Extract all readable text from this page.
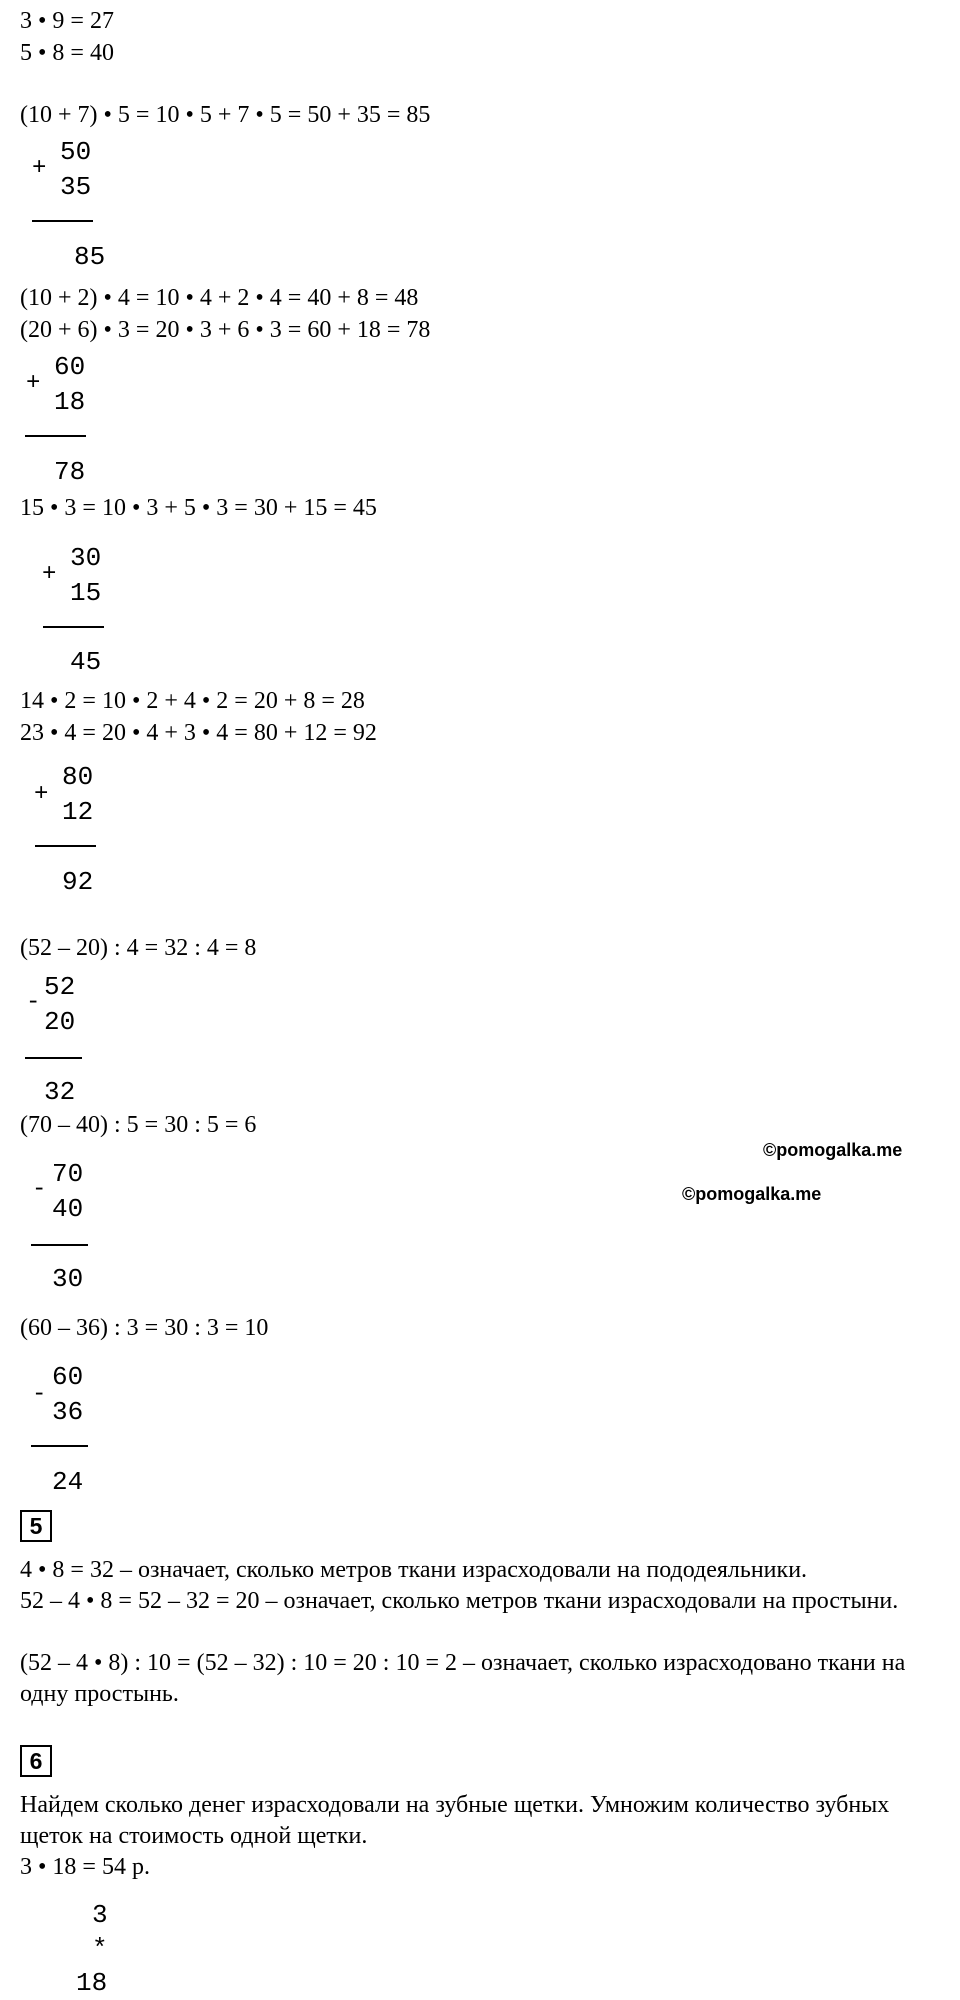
3 • 9 = 27
5 • 8 = 40
(10 + 7) • 5 = 10 • 5 + 7 • 5 = 50 + 35 = 85
+
50
35
85
(10 + 2) • 4 = 10 • 4 + 2 • 4 = 40 + 8 = 48
(20 + 6) • 3 = 20 • 3 + 6 • 3 = 60 + 18 = 78
+
60
18
78
15 • 3 = 10 • 3 + 5 • 3 = 30 + 15 = 45
+
30
15
45
14 • 2 = 10 • 2 + 4 • 2 = 20 + 8 = 28
23 • 4 = 20 • 4 + 3 • 4 = 80 + 12 = 92
+
80
12
92
(52 – 20) : 4 = 32 : 4 = 8
-
52
20
32
(70 – 40) : 5 = 30 : 5 = 6
©pomogalka.me
©pomogalka.me
-
70
40
30
(60 – 36) : 3 = 30 : 3 = 10
-
60
36
24
5
4 • 8 = 32 – означает, сколько метров ткани израсходовали на пододеяльники.
52 – 4 • 8 = 52 – 32 = 20 – означает, сколько метров ткани израсходовали на простыни.
(52 – 4 • 8) : 10 = (52 – 32) : 10 = 20 : 10 = 2 – означает, сколько израсходовано ткани на одну простынь.
6
Найдем сколько денег израсходовали на зубные щетки. Умножим количество зубных щеток на стоимость одной щетки.
3 • 18 = 54 р.
3
*
18
